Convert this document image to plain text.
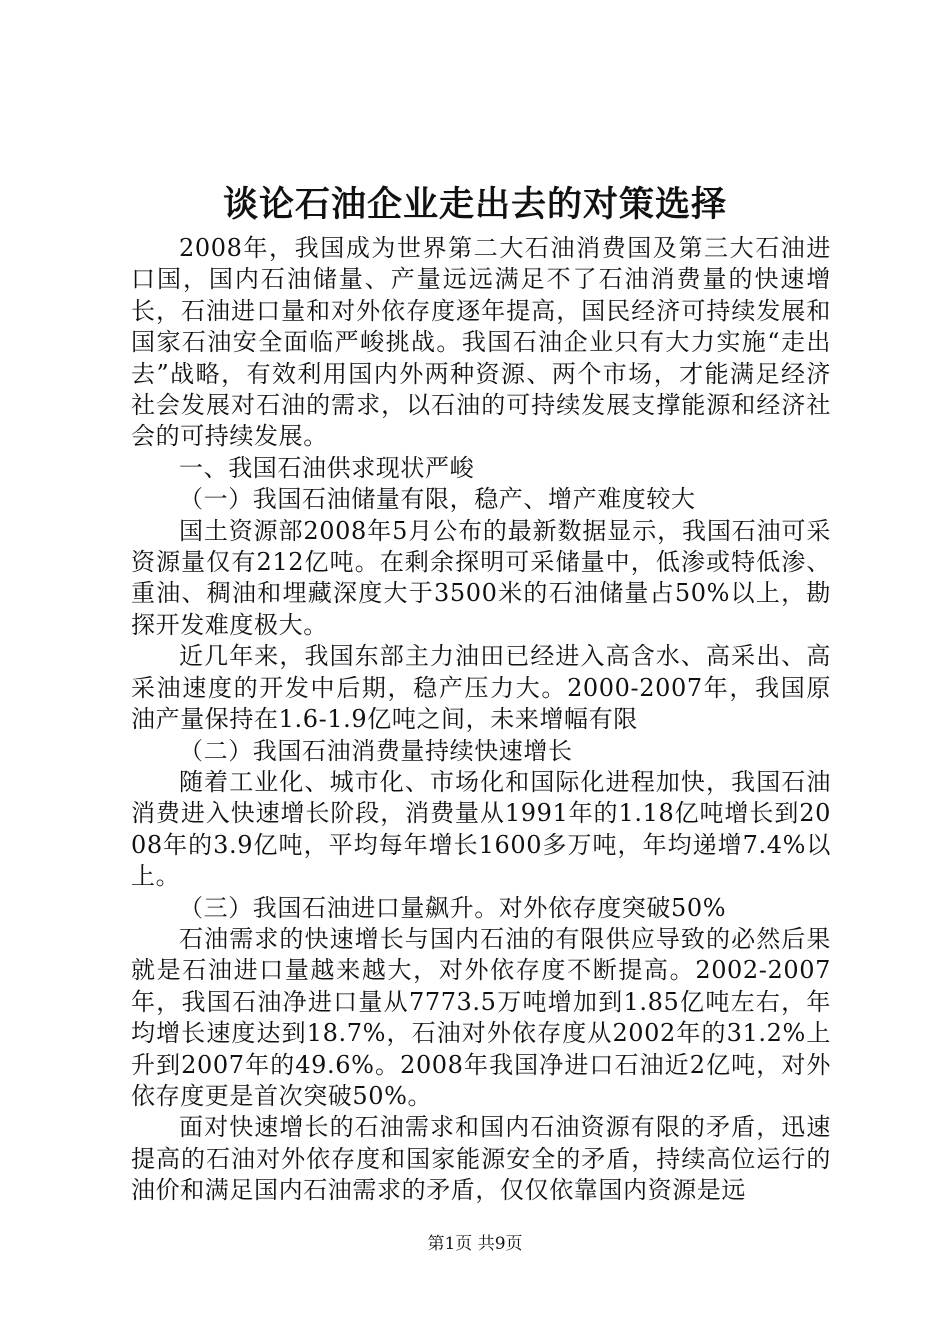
谈论石油企业走出去的对策选择

2008年，我国成为世界第二大石油消费国及第三大石油进口国，国内石油储量、产量远远满足不了石油消费量的快速增长，石油进口量和对外依存度逐年提高，国民经济可持续发展和国家石油安全面临严峻挑战。我国石油企业只有大力实施“走出去”战略，有效利用国内外两种资源、两个市场，才能满足经济社会发展对石油的需求，以石油的可持续发展支撑能源和经济社会的可持续发展。

一、我国石油供求现状严峻

（一）我国石油储量有限，稳产、增产难度较大

国土资源部2008年5月公布的最新数据显示，我国石油可采资源量仅有212亿吨。在剩余探明可采储量中，低渗或特低渗、重油、稠油和埋藏深度大于3500米的石油储量占50%以上，勘探开发难度极大。

近几年来，我国东部主力油田已经进入高含水、高采出、高采油速度的开发中后期，稳产压力大。2000-2007年，我国原油产量保持在1.6-1.9亿吨之间，未来增幅有限

（二）我国石油消费量持续快速增长

随着工业化、城市化、市场化和国际化进程加快，我国石油消费进入快速增长阶段，消费量从1991年的1.18亿吨增长到2008年的3.9亿吨，平均每年增长1600多万吨，年均递增7.4%以上。

（三）我国石油进口量飙升。对外依存度突破50%

石油需求的快速增长与国内石油的有限供应导致的必然后果就是石油进口量越来越大，对外依存度不断提高。2002-2007年，我国石油净进口量从7773.5万吨增加到1.85亿吨左右，年均增长速度达到18.7%，石油对外依存度从2002年的31.2%上升到2007年的49.6%。2008年我国净进口石油近2亿吨，对外依存度更是首次突破50%。

面对快速增长的石油需求和国内石油资源有限的矛盾，迅速提高的石油对外依存度和国家能源安全的矛盾，持续高位运行的油价和满足国内石油需求的矛盾，仅仅依靠国内资源是远

第1页 共9页
